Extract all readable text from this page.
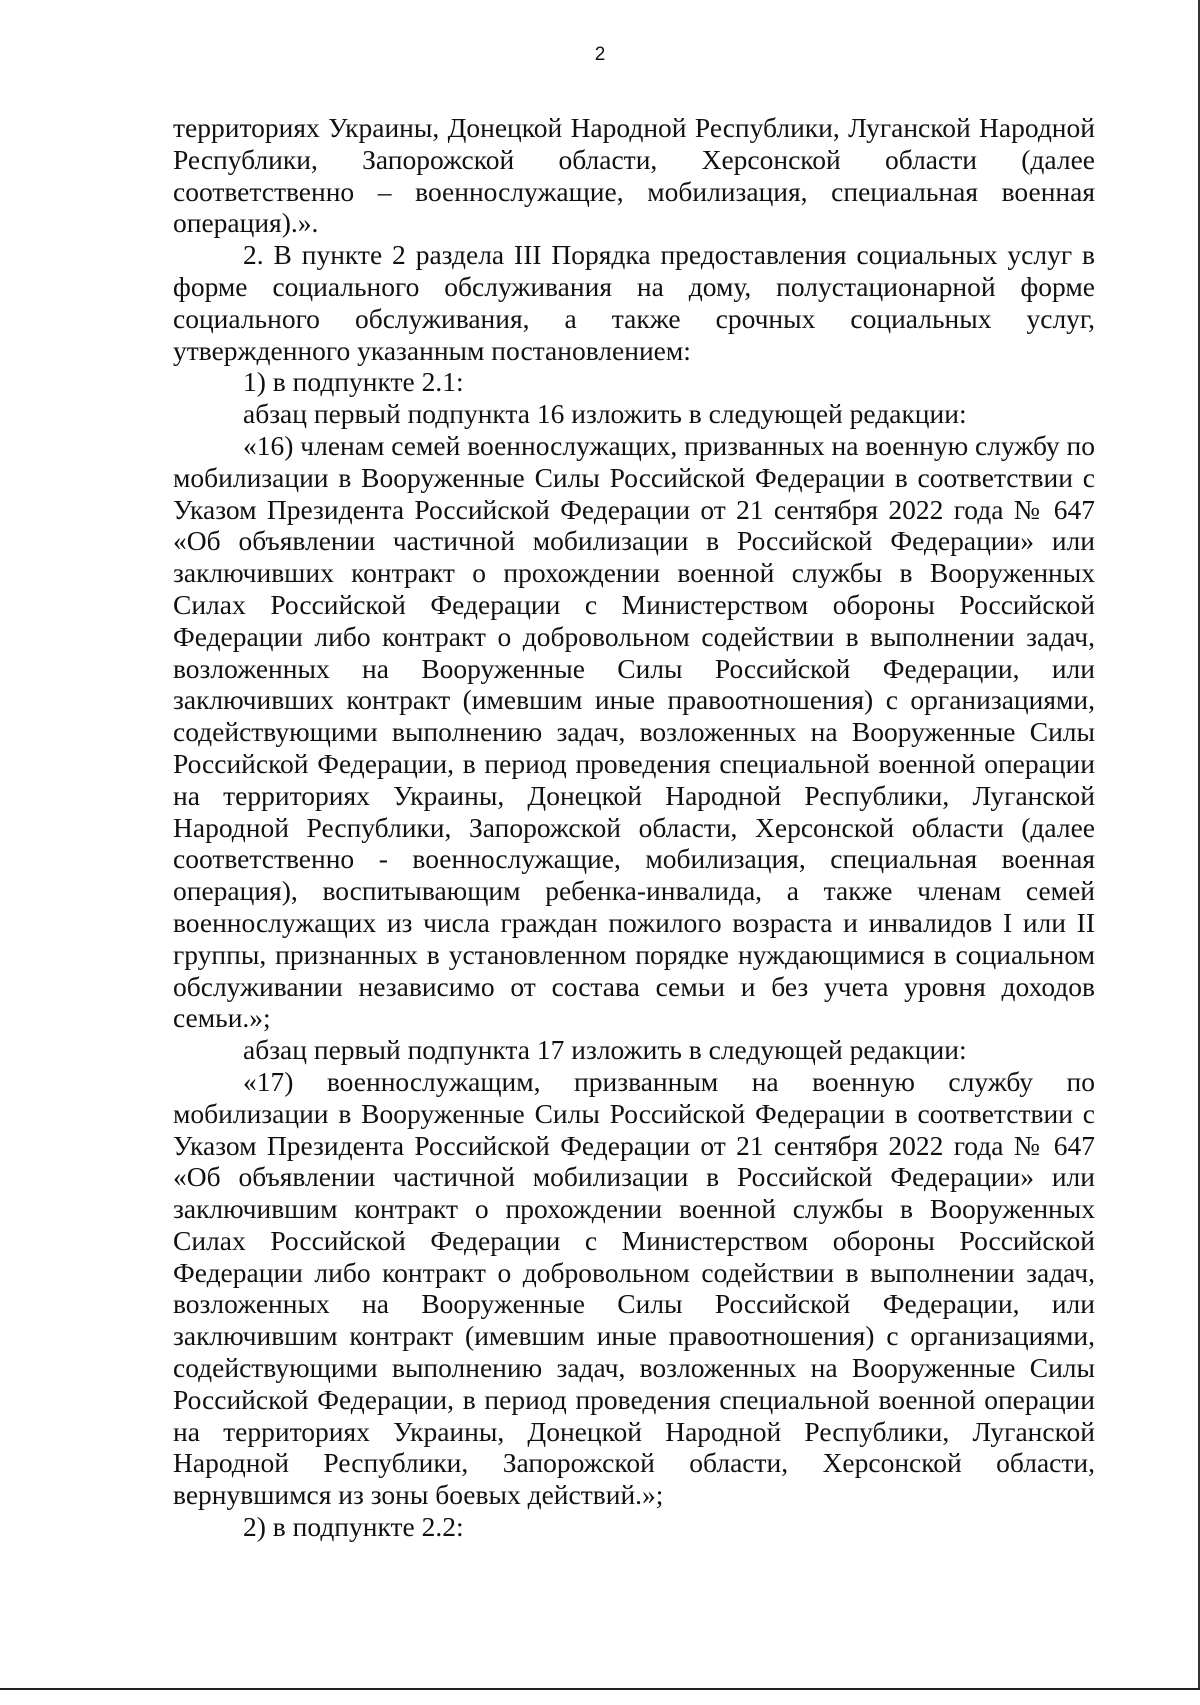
2

территориях Украины, Донецкой Народной Республики, Луганской Народной Республики, Запорожской области, Херсонской области (далее соответственно – военнослужащие, мобилизация, специальная военная операция).».

2. В пункте 2 раздела III Порядка предоставления социальных услуг в форме социального обслуживания на дому, полустационарной форме социального обслуживания, а также срочных социальных услуг, утвержденного указанным постановлением:

1) в подпункте 2.1:

абзац первый подпункта 16 изложить в следующей редакции:

«16) членам семей военнослужащих, призванных на военную службу по мобилизации в Вооруженные Силы Российской Федерации в соответствии с Указом Президента Российской Федерации от 21 сентября 2022 года № 647 «Об объявлении частичной мобилизации в Российской Федерации» или заключивших контракт о прохождении военной службы в Вооруженных Силах Российской Федерации с Министерством обороны Российской Федерации либо контракт о добровольном содействии в выполнении задач, возложенных на Вооруженные Силы Российской Федерации, или заключивших контракт (имевшим иные правоотношения) с организациями, содействующими выполнению задач, возложенных на Вооруженные Силы Российской Федерации, в период проведения специальной военной операции на территориях Украины, Донецкой Народной Республики, Луганской Народной Республики, Запорожской области, Херсонской области (далее соответственно - военнослужащие, мобилизация, специальная военная операция), воспитывающим ребенка-инвалида, а также членам семей военнослужащих из числа граждан пожилого возраста и инвалидов I или II группы, признанных в установленном порядке нуждающимися в социальном обслуживании независимо от состава семьи и без учета уровня доходов семьи.»;

абзац первый подпункта 17 изложить в следующей редакции:

«17) военнослужащим, призванным на военную службу по мобилизации в Вооруженные Силы Российской Федерации в соответствии с Указом Президента Российской Федерации от 21 сентября 2022 года № 647 «Об объявлении частичной мобилизации в Российской Федерации» или заключившим контракт о прохождении военной службы в Вооруженных Силах Российской Федерации с Министерством обороны Российской Федерации либо контракт о добровольном содействии в выполнении задач, возложенных на Вооруженные Силы Российской Федерации, или заключившим контракт (имевшим иные правоотношения) с организациями, содействующими выполнению задач, возложенных на Вооруженные Силы Российской Федерации, в период проведения специальной военной операции на территориях Украины, Донецкой Народной Республики, Луганской Народной Республики, Запорожской области, Херсонской области, вернувшимся из зоны боевых действий.»;

2) в подпункте 2.2:
